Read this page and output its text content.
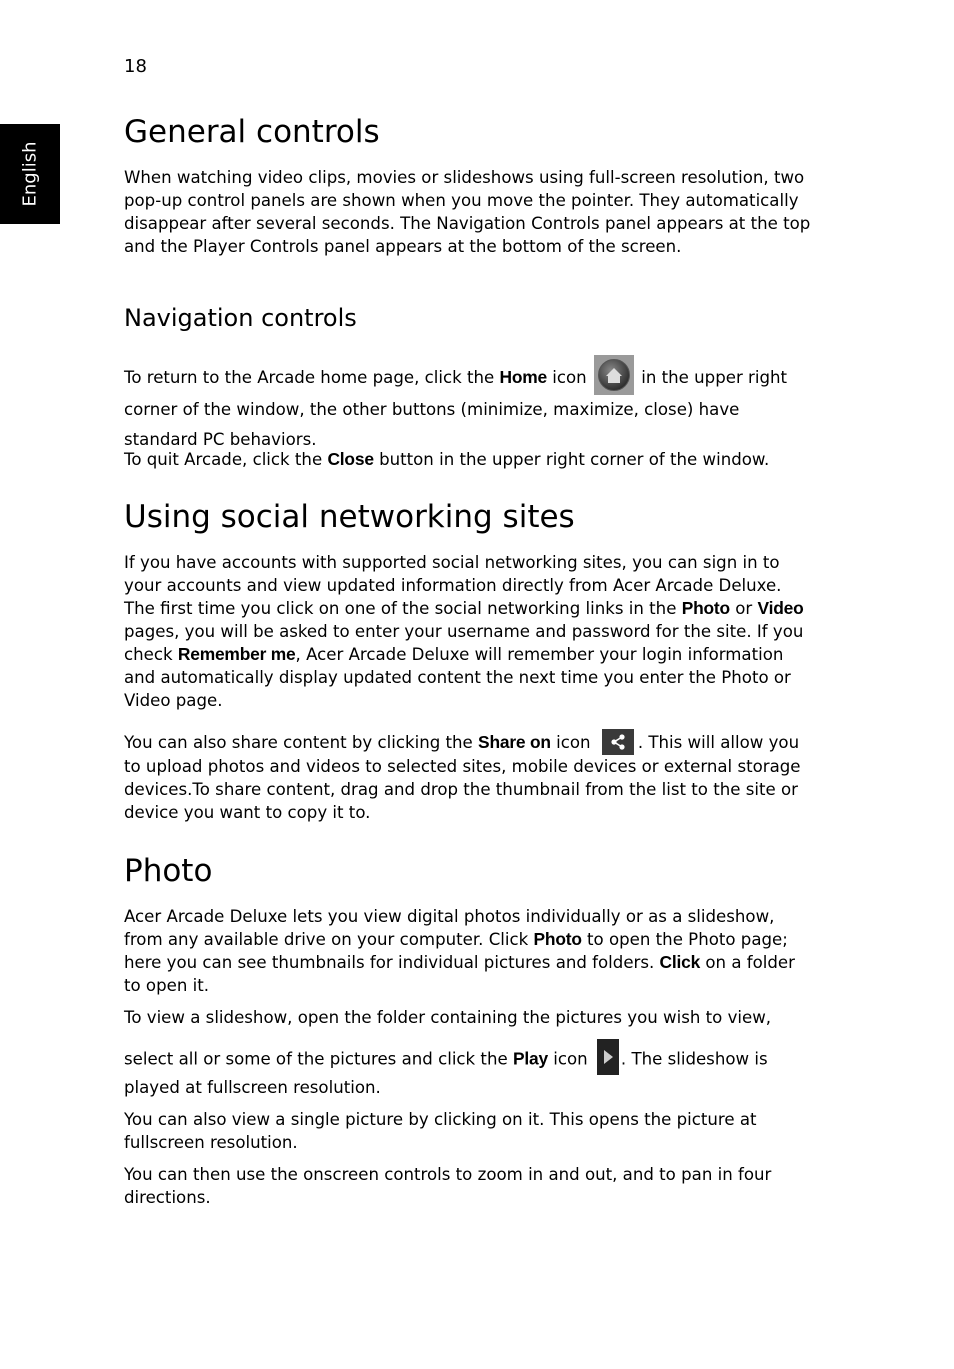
18
English
General controls

When watching video clips, movies or slideshows using full-screen resolution, two pop-up control panels are shown when you move the pointer. They automatically disappear after several seconds. The Navigation Controls panel appears at the top and the Player Controls panel appears at the bottom of the screen.

Navigation controls

To return to the Arcade home page, click the Home icon	in the upper right corner of the window, the other buttons (minimize, maximize, close) have standard PC behaviors.

To quit Arcade, click the Close button in the upper right corner of the window.

Using social networking sites

If you have accounts with supported social networking sites, you can sign in to your accounts and view updated information directly from Acer Arcade Deluxe. The first time you click on one of the social networking links in the Photo or Video pages, you will be asked to enter your username and password for the site. If you check Remember me, Acer Arcade Deluxe will remember your login information and automatically display updated content the next time you enter the Photo or Video page.

You can also share content by clicking the Share on icon	. This will allow you to upload photos and videos to selected sites, mobile devices or external storage devices.To share content, drag and drop the thumbnail from the list to the site or device you want to copy it to.

Photo

Acer Arcade Deluxe lets you view digital photos individually or as a slideshow, from any available drive on your computer. Click Photo to open the Photo page; here you can see thumbnails for individual pictures and folders. Click on a folder to open it.

To view a slideshow, open the folder containing the pictures you wish to view,

select all or some of the pictures and click the Play icon . The slideshow is

played at fullscreen resolution.

You can also view a single picture by clicking on it. This opens the picture at fullscreen resolution.

You can then use the onscreen controls to zoom in and out, and to pan in four directions.
